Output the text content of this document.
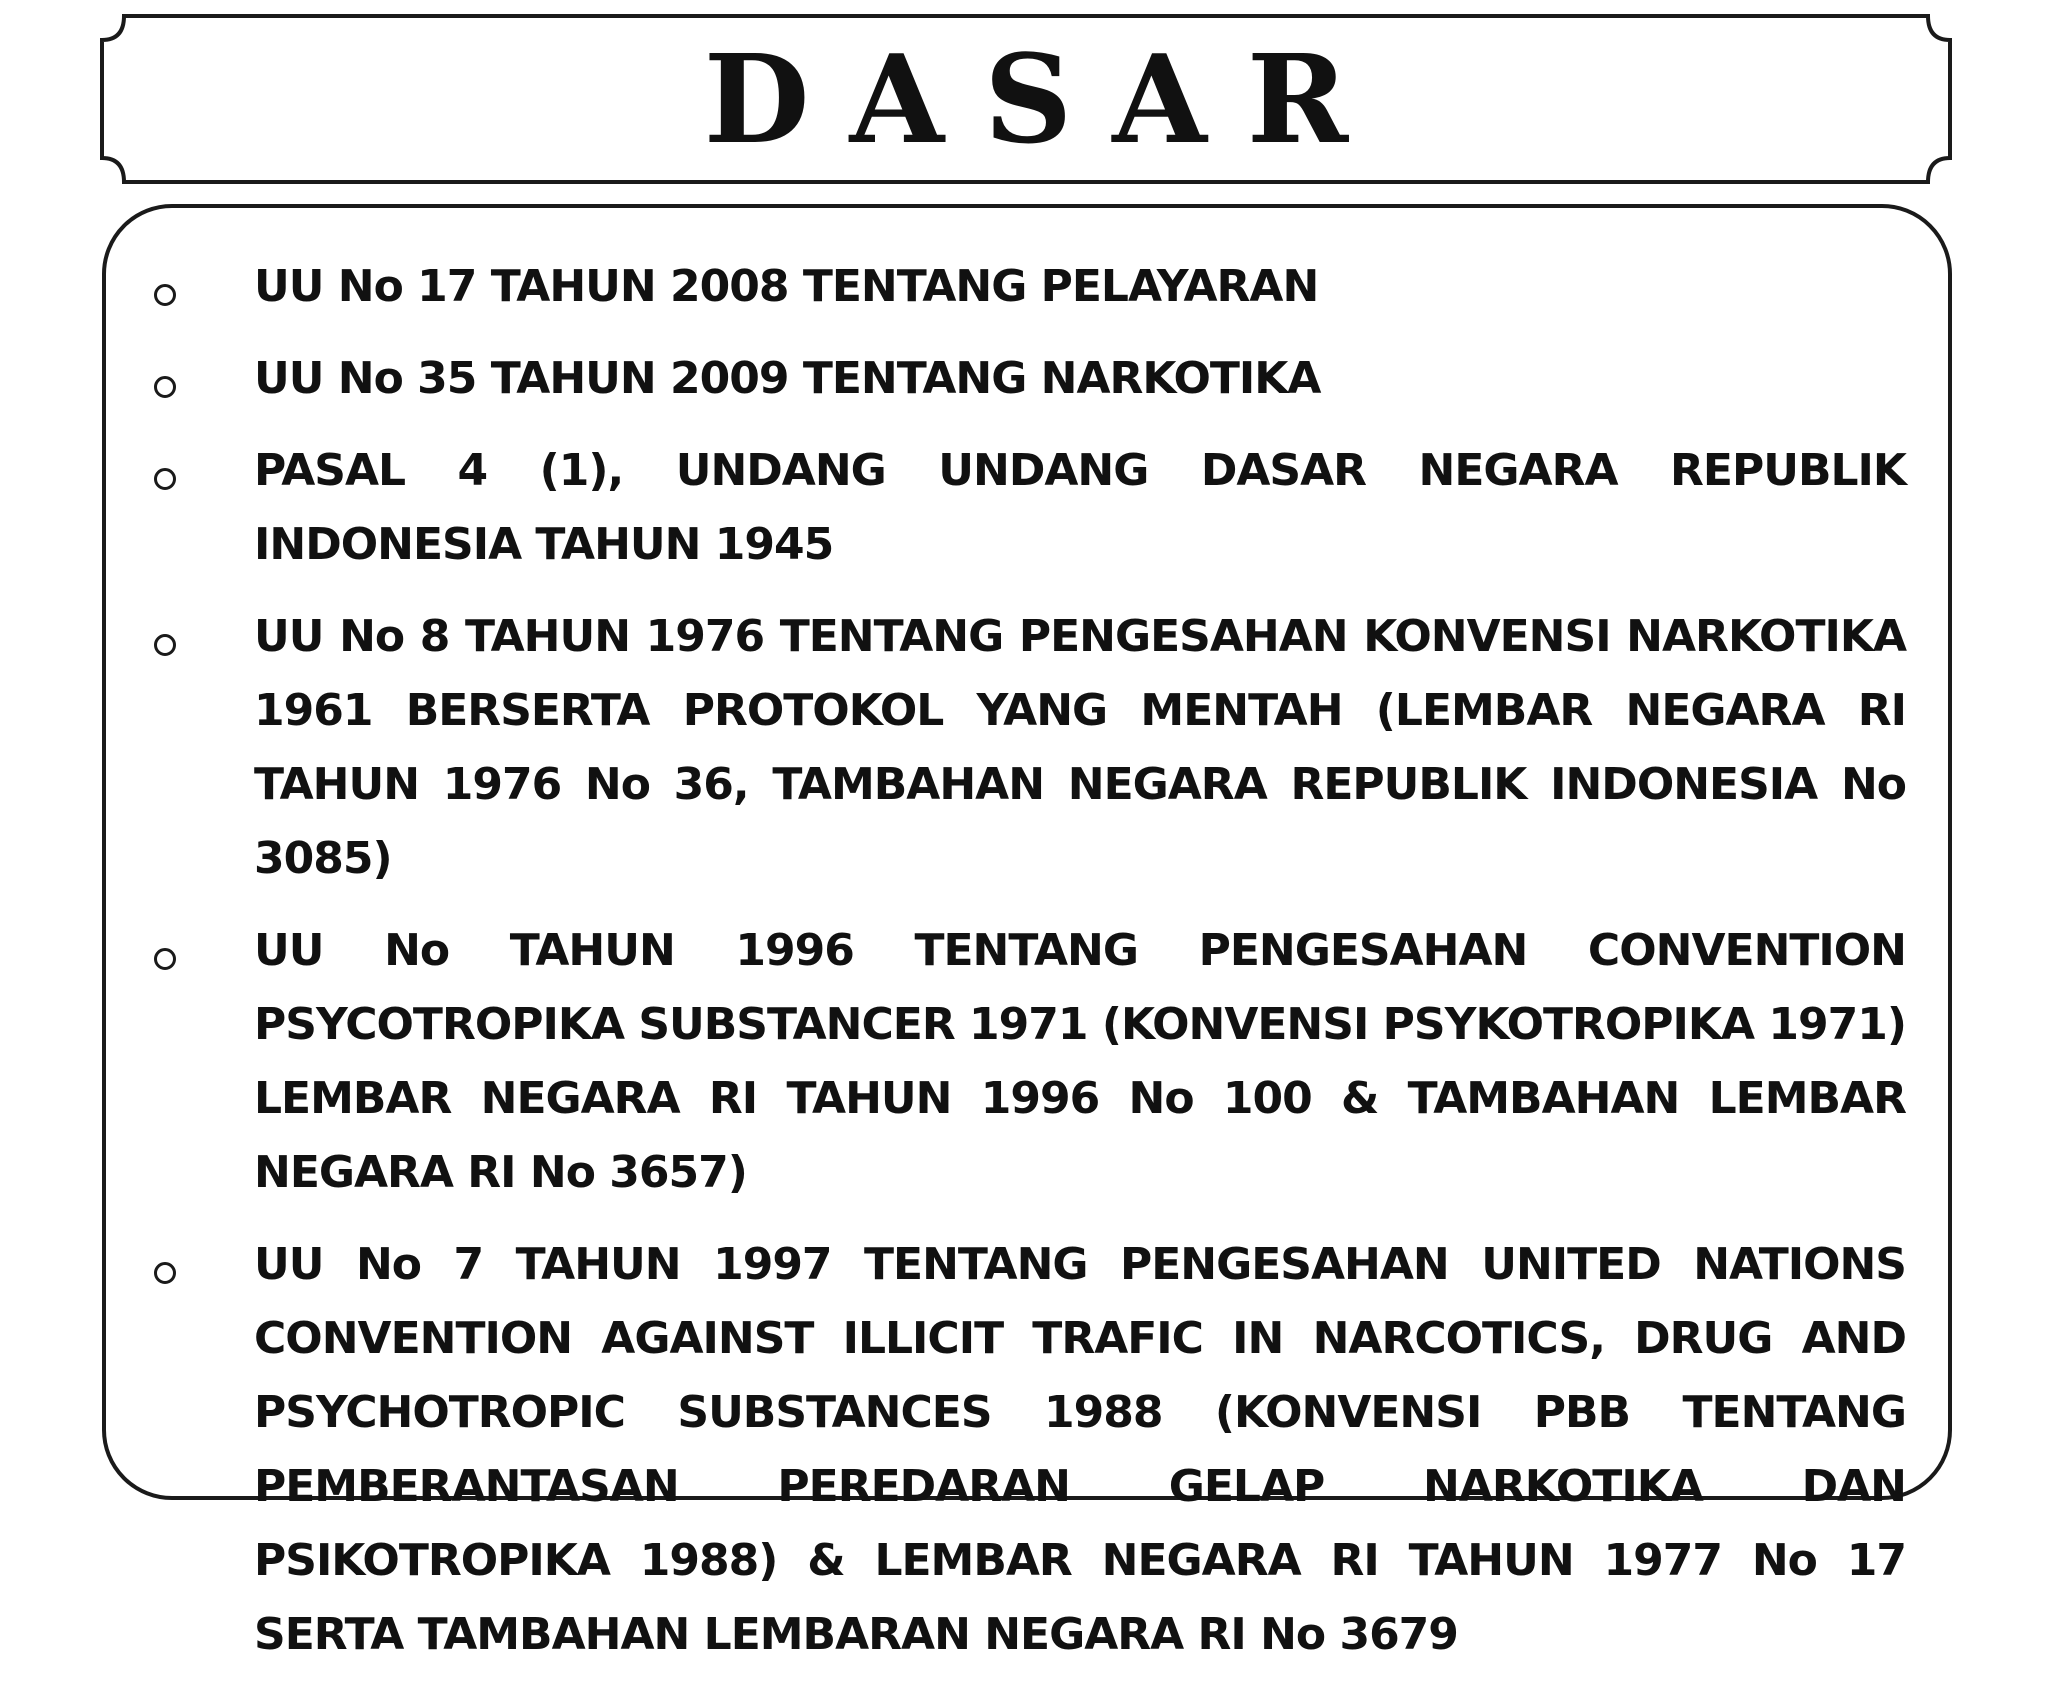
DASAR
UU No 17 TAHUN 2008 TENTANG PELAYARAN
UU No 35 TAHUN 2009 TENTANG NARKOTIKA
PASAL 4 (1), UNDANG UNDANG DASAR NEGARA REPUBLIK INDONESIA TAHUN 1945
UU No 8 TAHUN 1976 TENTANG PENGESAHAN KONVENSI NARKOTIKA 1961 BERSERTA PROTOKOL YANG MENTAH (LEMBAR NEGARA RI TAHUN 1976 No 36, TAMBAHAN NEGARA REPUBLIK INDONESIA No 3085)
UU No TAHUN 1996 TENTANG PENGESAHAN CONVENTION PSYCOTROPIKA SUBSTANCER 1971 (KONVENSI PSYKOTROPIKA 1971) LEMBAR NEGARA RI TAHUN 1996 No 100 & TAMBAHAN LEMBAR NEGARA RI No 3657)
UU No 7 TAHUN 1997 TENTANG PENGESAHAN UNITED NATIONS CONVENTION AGAINST ILLICIT TRAFIC IN NARCOTICS, DRUG AND PSYCHOTROPIC SUBSTANCES 1988 (KONVENSI PBB TENTANG PEMBERANTASAN PEREDARAN GELAP NARKOTIKA DAN PSIKOTROPIKA 1988) & LEMBAR NEGARA RI TAHUN 1977 No 17 SERTA TAMBAHAN LEMBARAN NEGARA RI No 3679
